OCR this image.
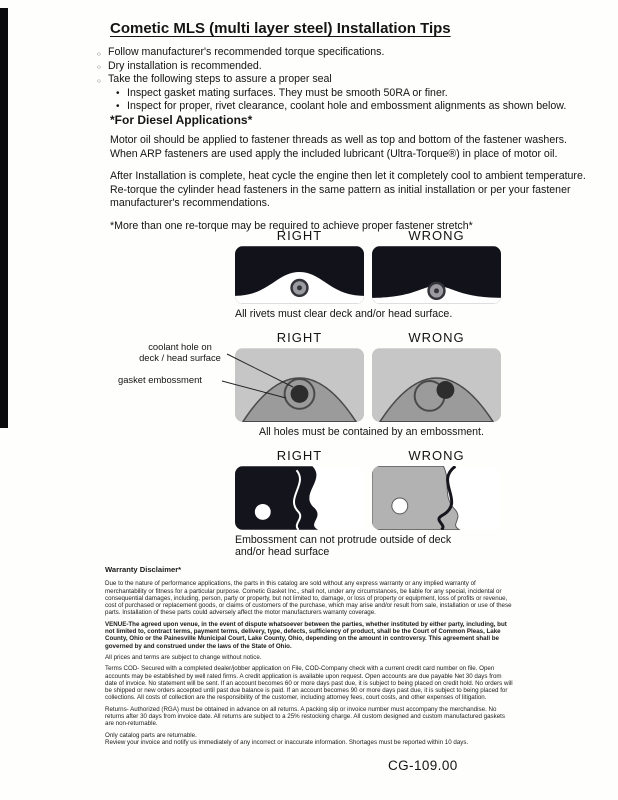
Cometic MLS (multi layer steel) Installation Tips
○ Follow manufacturer's recommended torque specifications.
○ Dry installation is recommended.
○ Take the following steps to assure a proper seal
• Inspect gasket mating surfaces. They must be smooth 50RA or finer.
• Inspect for proper, rivet clearance, coolant hole and embossment alignments as shown below.
*For Diesel Applications*

Motor oil should be applied to fastener threads as well as top and bottom of the fastener washers. When ARP fasteners are used apply the included lubricant (Ultra-Torque®) in place of motor oil.

After Installation is complete, heat cycle the engine then let it completely cool to ambient temperature. Re-torque the cylinder head fasteners in the same pattern as initial installation or per your fastener manufacturer's recommendations.

*More than one re-torque may be required to achieve proper fastener stretch*

RIGHT	WRONG
All rivets must clear deck and/or head surface.
RIGHT	WRONG
All holes must be contained by an embossment.
RIGHT	WRONG
Embossment can not protrude outside of deck and/or head surface
coolant hole on
deck / head surface
gasket embossment
Warranty Disclaimer*

Due to the nature of performance applications, the parts in this catalog are sold without any express warranty or any implied warranty of merchantability or fitness for a particular purpose. Cometic Gasket Inc., shall not, under any circumstances, be liable for any special, incidental or consequential damages, including, person, party or property, but not limited to, damage, or loss of property or equipment, loss of profits or revenue, cost of purchased or replacement goods, or claims of customers of the purchase, which may arise and/or result from sale, installation or use of these parts. Installation of these parts could adversely affect the motor manufacturers warranty coverage.

VENUE-The agreed upon venue, in the event of dispute whatsoever between the parties, whether instituted by either party, including, but not limited to, contract terms, payment terms, delivery, type, defects, sufficiency of product, shall be the Court of Common Pleas, Lake County, Ohio or the Painesville Municipal Court, Lake County, Ohio, depending on the amount in controversy. This agreement shall be governed by and construed under the laws of the State of Ohio.

All prices and terms are subject to change without notice.

Terms COD- Secured with a completed dealer/jobber application on File, COD-Company check with a current credit card number on file. Open accounts may be established by well rated firms. A credit application is available upon request. Open accounts are due payable Net 30 days from date of invoice. No statement will be sent. If an account becomes 60 or more days past due, it is subject to being placed on credit hold. No orders will be shipped or new orders accepted until past due balance is paid. If an account becomes 90 or more days past due, it is subject to being placed for collections. All costs of collection are the responsibility of the customer, including attorney fees, court costs, and other expenses of litigation.

Returns- Authorized (RGA) must be obtained in advance on all returns. A packing slip or invoice number must accompany the merchandise. No returns after 30 days from invoice date. All returns are subject to a 25% restocking charge. All custom designed and custom manufactured gaskets are non-returnable.

Only catalog parts are returnable.

Review your invoice and notify us immediately of any incorrect or inaccurate information. Shortages must be reported within 10 days.

CG-109.00
